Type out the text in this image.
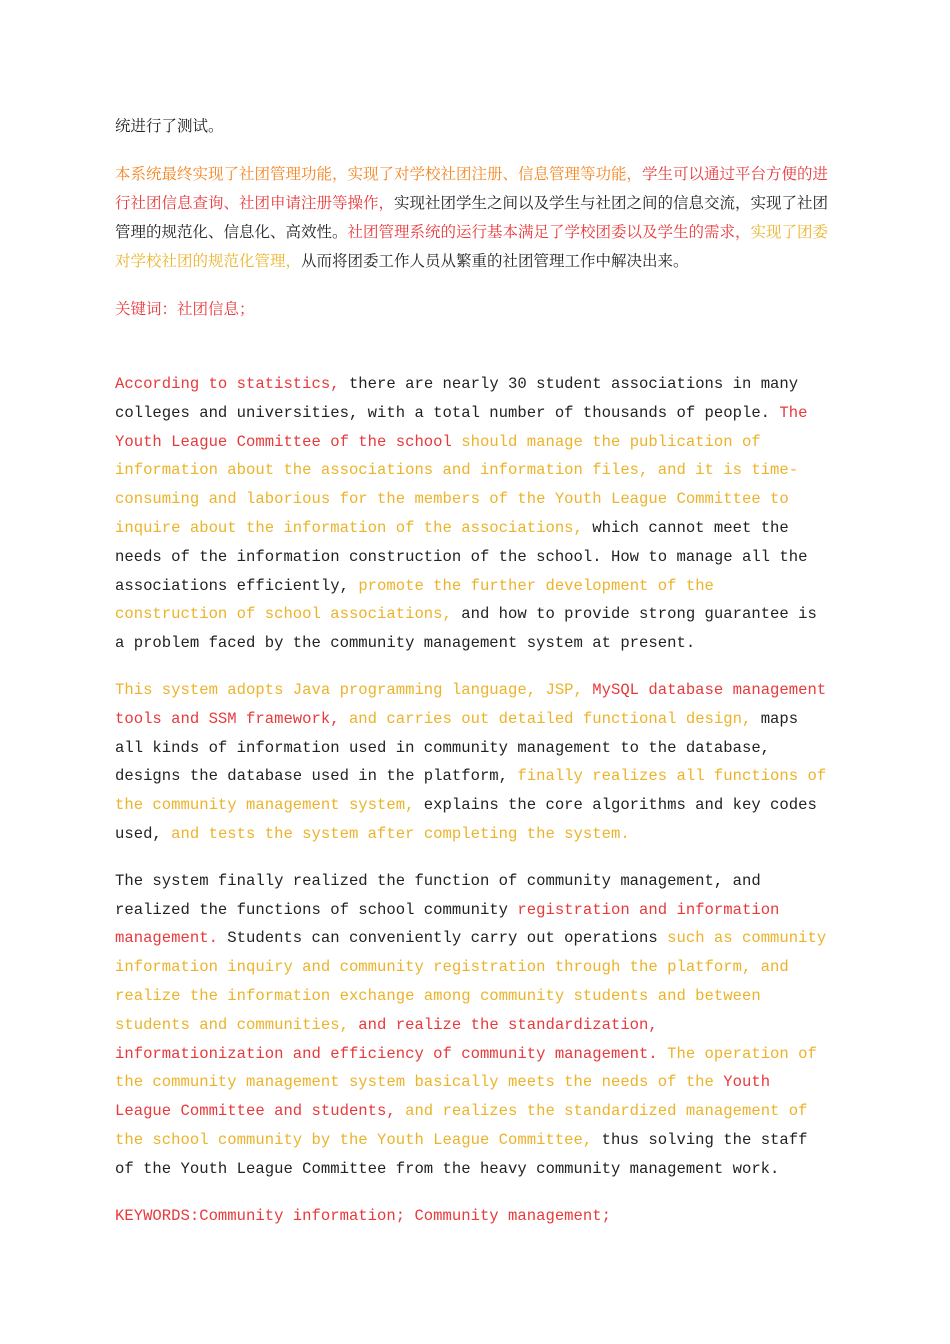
统进行了测试。

本系统最终实现了社团管理功能，实现了对学校社团注册、信息管理等功能，学生可以通过平台方便的进行社团信息查询、社团申请注册等操作，实现社团学生之间以及学生与社团之间的信息交流，实现了社团管理的规范化、信息化、高效性。社团管理系统的运行基本满足了学校团委以及学生的需求，实现了团委对学校社团的规范化管理，从而将团委工作人员从繁重的社团管理工作中解决出来。

关键词：社团信息；

According to statistics, there are nearly 30 student associations in many colleges and universities, with a total number of thousands of people. The Youth League Committee of the school should manage the publication of information about the associations and information files, and it is time-consuming and laborious for the members of the Youth League Committee to inquire about the information of the associations, which cannot meet the needs of the information construction of the school. How to manage all the associations efficiently, promote the further development of the construction of school associations, and how to provide strong guarantee is a problem faced by the community management system at present.

This system adopts Java programming language, JSP, MySQL database management tools and SSM framework, and carries out detailed functional design, maps all kinds of information used in community management to the database, designs the database used in the platform, finally realizes all functions of the community management system, explains the core algorithms and key codes used, and tests the system after completing the system.

The system finally realized the function of community management, and realized the functions of school community registration and information management. Students can conveniently carry out operations such as community information inquiry and community registration through the platform, and realize the information exchange among community students and between students and communities, and realize the standardization, informationization and efficiency of community management. The operation of the community management system basically meets the needs of the Youth League Committee and students, and realizes the standardized management of the school community by the Youth League Committee, thus solving the staff of the Youth League Committee from the heavy community management work.

KEYWORDS:Community information; Community management;
